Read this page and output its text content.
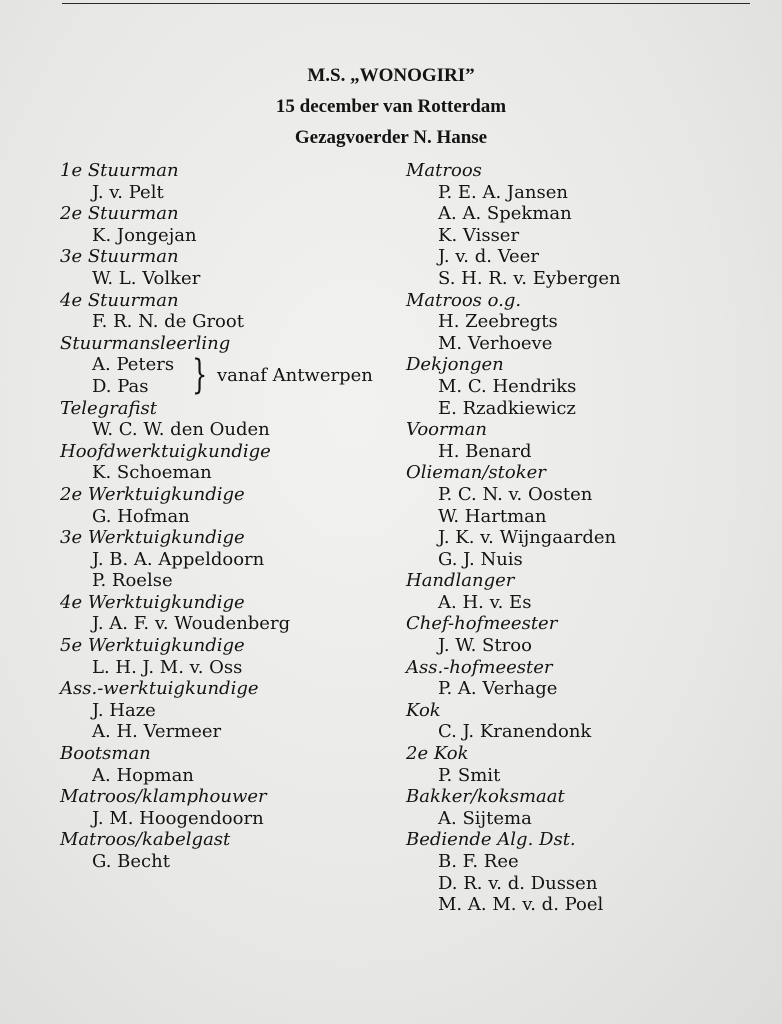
M.S. „WONOGIRI”
15 december van Rotterdam
Gezagvoerder N. Hanse
1e Stuurman
J. v. Pelt
2e Stuurman
K. Jongejan
3e Stuurman
W. L. Volker
4e Stuurman
F. R. N. de Groot
Stuurmansleerling
A. Peters
D. Pas	} vanaf Antwerpen
Telegrafist
W. C. W. den Ouden
Hoofdwerktuigkundige
K. Schoeman
2e Werktuigkundige
G. Hofman
3e Werktuigkundige
J. B. A. Appeldoorn
P. Roelse
4e Werktuigkundige
J. A. F. v. Woudenberg
5e Werktuigkundige
L. H. J. M. v. Oss
Ass.-werktuigkundige
J. Haze
A. H. Vermeer
Bootsman
A. Hopman
Matroos/klamphouwer
J. M. Hoogendoorn
Matroos/kabelgast
G. Becht
Matroos
P. E. A. Jansen
A. A. Spekman
K. Visser
J. v. d. Veer
S. H. R. v. Eybergen
Matroos o.g.
H. Zeebregts
M. Verhoeve
Dekjongen
M. C. Hendriks
E. Rzadkiewicz
Voorman
H. Benard
Olieman/stoker
P. C. N. v. Oosten
W. Hartman
J. K. v. Wijngaarden
G. J. Nuis
Handlanger
A. H. v. Es
Chef-hofmeester
J. W. Stroo
Ass.-hofmeester
P. A. Verhage
Kok
C. J. Kranendonk
2e Kok
P. Smit
Bakker/koksmaat
A. Sijtema
Bediende Alg. Dst.
B. F. Ree
D. R. v. d. Dussen
M. A. M. v. d. Poel
